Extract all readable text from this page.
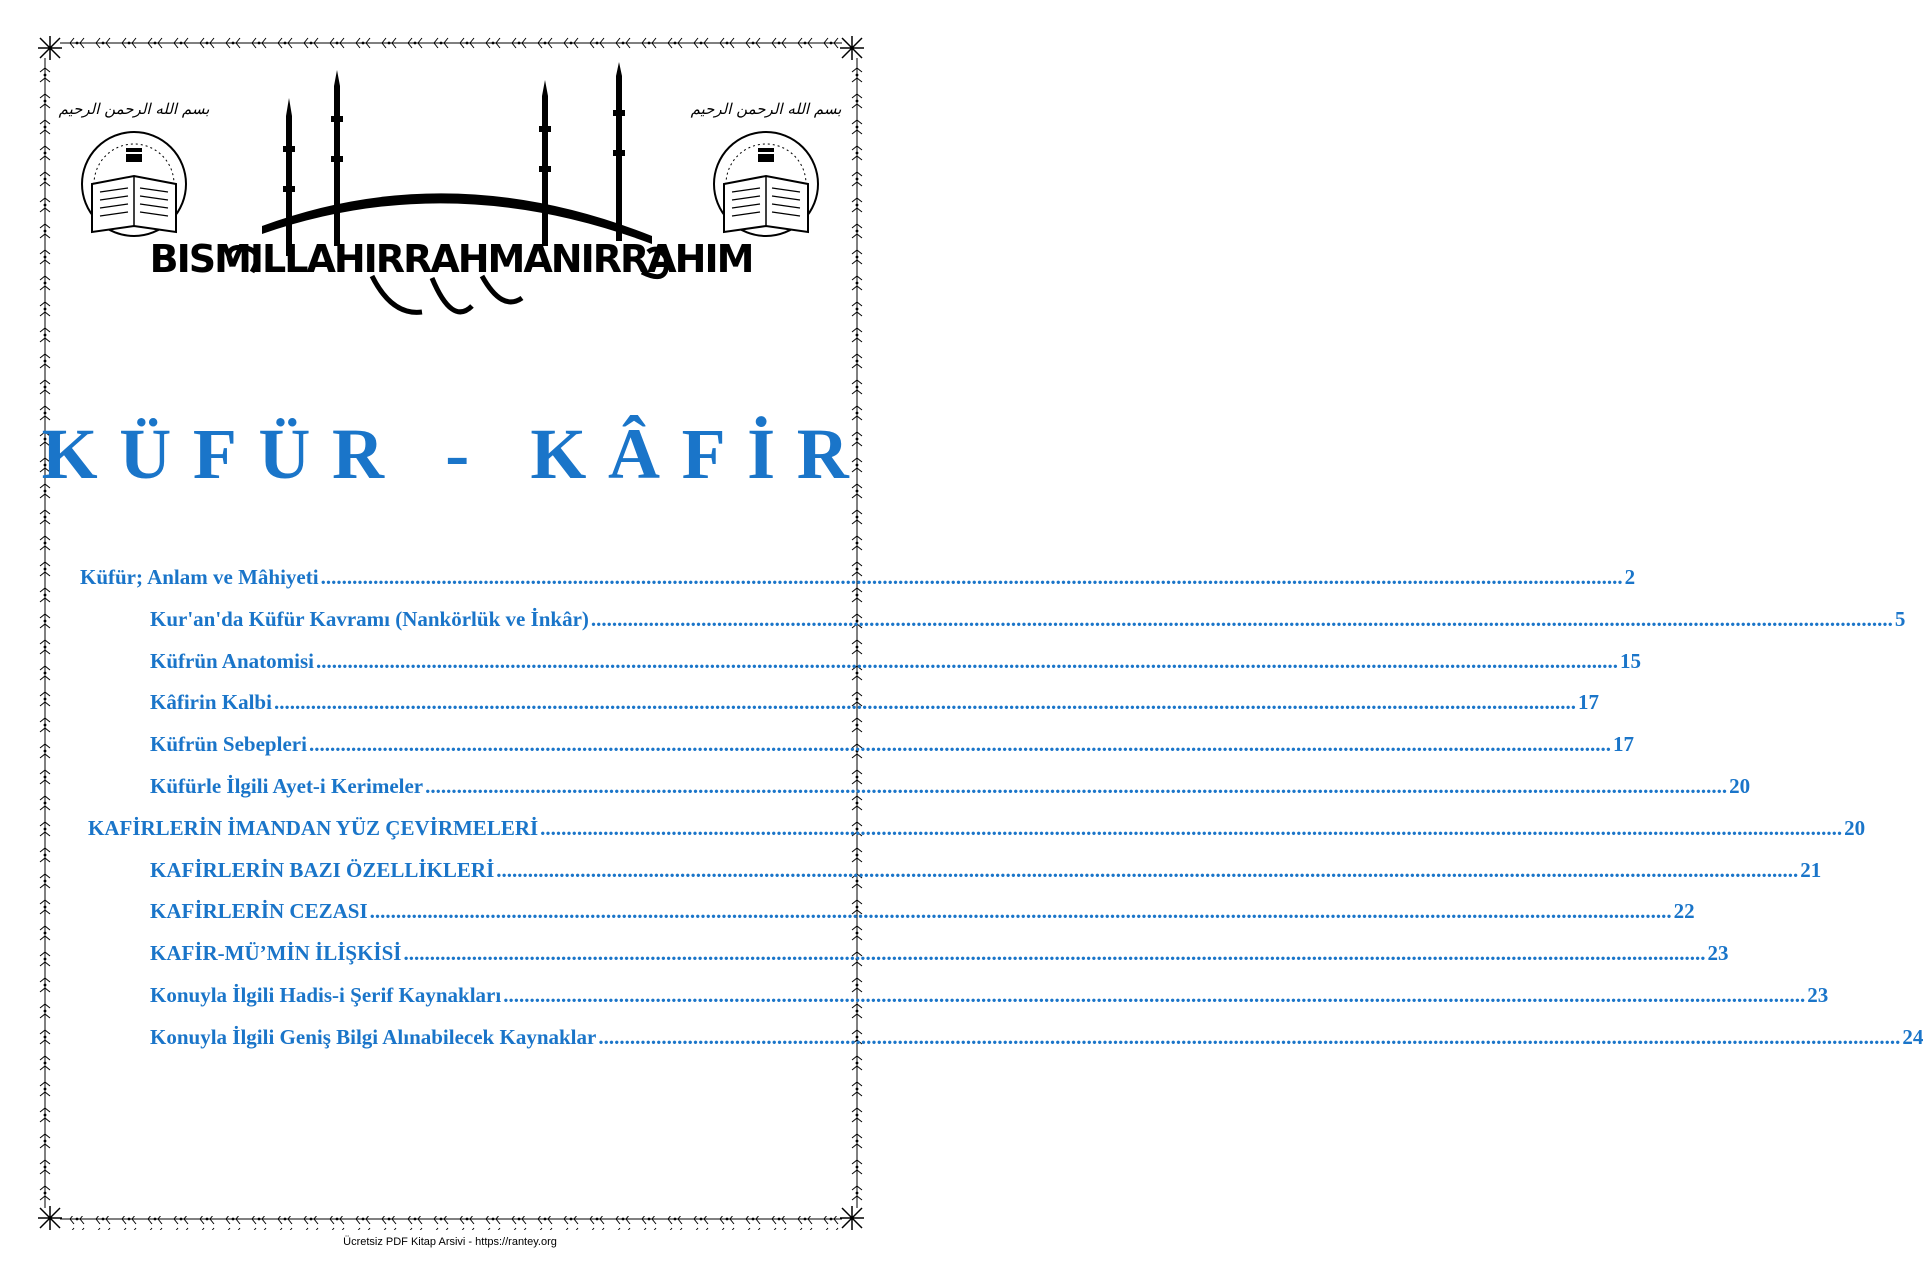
بسم الله الرحمن الرحيم
BISMILLAHIRRAHMANIRRAHIM
بسم الله الرحمن الرحيم
KÜFÜR - KÂFİR
Küfür; Anlam ve Mâhiyeti .....	2
Kur'an'da Küfür Kavramı (Nankörlük ve İnkâr) .....	5
Küfrün Anatomisi .....	15
Kâfirin Kalbi .....	17
Küfrün Sebepleri .....	17
Küfürle İlgili Ayet-i Kerimeler .....	20
KAFİRLERİN İMANDAN YÜZ ÇEVİRMELERİ .....	20
KAFİRLERİN BAZI ÖZELLİKLERİ .....	21
KAFİRLERİN CEZASI .....	22
KAFİR-MÜ’MİN İLİŞKİSİ .....	23
Konuyla İlgili Hadis-i Şerif Kaynakları .....	23
Konuyla İlgili Geniş Bilgi Alınabilecek Kaynaklar .....	24
Ücretsiz PDF Kitap Arsivi - https://rantey.org
